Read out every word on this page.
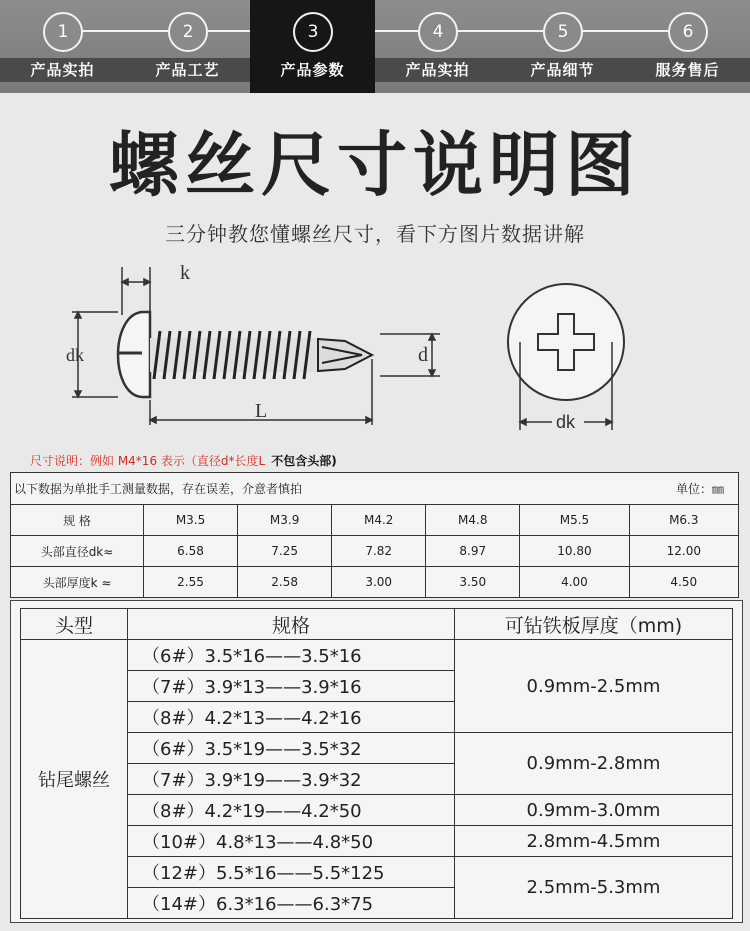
1
产品实拍
2
产品工艺
3
产品参数
4
产品实拍
5
产品细节
6
服务售后
螺丝尺寸说明图
三分钟教您懂螺丝尺寸，看下方图片数据讲解
k
dk	d
L	dk
尺寸说明：例如 M4*16 表示（直径d*长度L 不包含头部)
以下数据为单批手工测量数据，存在误差，介意者慎拍 单位：㎜						

规 格	M3.5	M3.9	M4.2	M4.8	M5.5	M6.3
头部直径dk≈	6.58	7.25	7.82	8.97	10.80	12.00
头部厚度k ≈	2.55	2.58	3.00	3.50	4.00	4.50
头型	规格	可钻铁板厚度（mm)
钻尾螺丝	（6#）3.5*16——3.5*16	0.9mm-2.5mm
	（7#）3.9*13——3.9*16	
	（8#）4.2*13——4.2*16	
	（6#）3.5*19——3.5*32	0.9mm-2.8mm
	（7#）3.9*19——3.9*32	
	（8#）4.2*19——4.2*50	0.9mm-3.0mm
	（10#）4.8*13——4.8*50	2.8mm-4.5mm
	（12#）5.5*16——5.5*125	2.5mm-5.3mm
	（14#）6.3*16——6.3*75	
